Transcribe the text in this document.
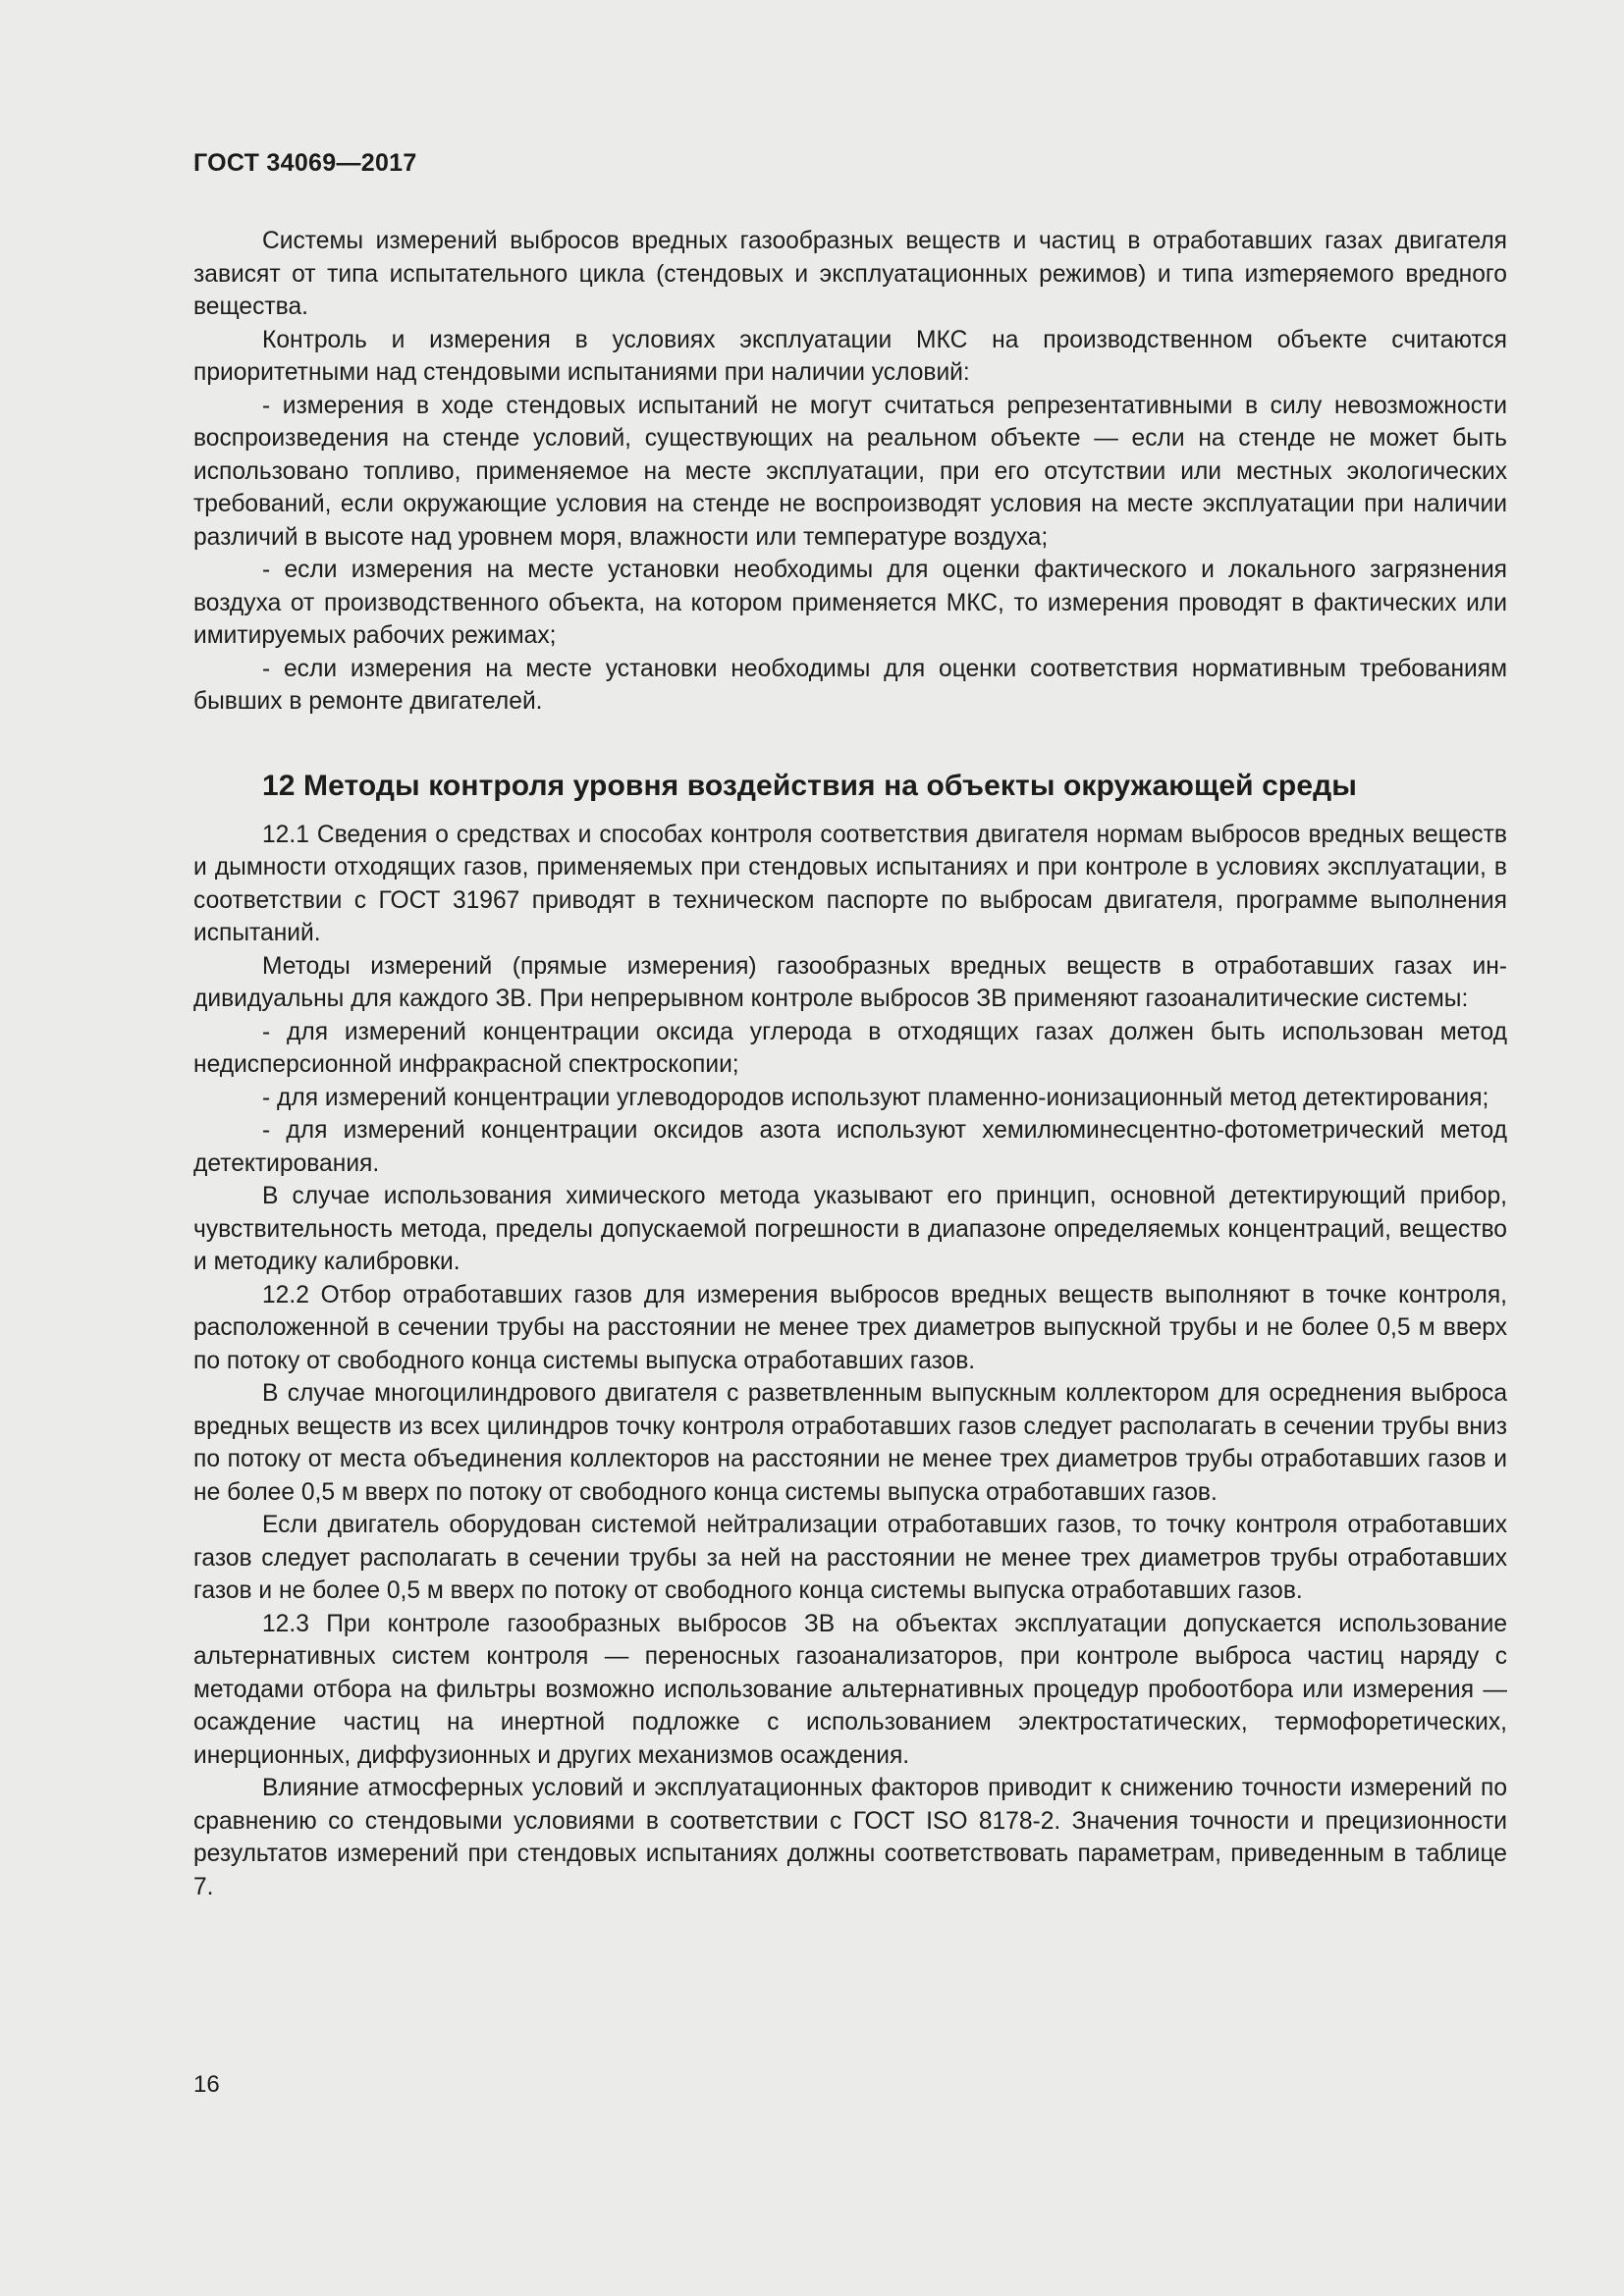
ГОСТ 34069—2017

Системы измерений выбросов вредных газообразных веществ и частиц в отработавших газах двигателя зависят от типа испытательного цикла (стендовых и эксплуатационных режимов) и типа изmеряемого вредного вещества.

Контроль и измерения в условиях эксплуатации МКС на производственном объекте считаются приоритетными над стендовыми испытаниями при наличии условий:

- измерения в ходе стендовых испытаний не могут считаться репрезентативными в силу невозможности воспроизведения на стенде условий, существующих на реальном объекте — если на стенде не может быть использовано топливо, применяемое на месте эксплуатации, при его отсутствии или местных экологических требований, если окружающие условия на стенде не воспроизводят условия на месте эксплуатации при наличии различий в высоте над уровнем моря, влажности или температуре воздуха;

- если измерения на месте установки необходимы для оценки фактического и локального загрязнения воздуха от производственного объекта, на котором применяется МКС, то измерения проводят в фактических или имитируемых рабочих режимах;

- если измерения на месте установки необходимы для оценки соответствия нормативным требованиям бывших в ремонте двигателей.

12 Методы контроля уровня воздействия на объекты окружающей среды

12.1 Сведения о средствах и способах контроля соответствия двигателя нормам выбросов вредных веществ и дымности отходящих газов, применяемых при стендовых испытаниях и при контроле в условиях эксплуатации, в соответствии с ГОСТ 31967 приводят в техническом паспорте по выбросам двигателя, программе выполнения испытаний.

Методы измерений (прямые измерения) газообразных вредных веществ в отработавших газах индивидуальны для каждого ЗВ. При непрерывном контроле выбросов ЗВ применяют газоаналитические системы:

- для измерений концентрации оксида углерода в отходящих газах должен быть использован метод недисперсионной инфракрасной спектроскопии;

- для измерений концентрации углеводородов используют пламенно-ионизационный метод детектирования;

- для измерений концентрации оксидов азота используют хемилюминесцентно-фотометрический метод детектирования.

В случае использования химического метода указывают его принцип, основной детектирующий прибор, чувствительность метода, пределы допускаемой погрешности в диапазоне определяемых концентраций, вещество и методику калибровки.

12.2 Отбор отработавших газов для измерения выбросов вредных веществ выполняют в точке контроля, расположенной в сечении трубы на расстоянии не менее трех диаметров выпускной трубы и не более 0,5 м вверх по потоку от свободного конца системы выпуска отработавших газов.

В случае многоцилиндрового двигателя с разветвленным выпускным коллектором для осреднения выброса вредных веществ из всех цилиндров точку контроля отработавших газов следует располагать в сечении трубы вниз по потоку от места объединения коллекторов на расстоянии не менее трех диаметров трубы отработавших газов и не более 0,5 м вверх по потоку от свободного конца системы выпуска отработавших газов.

Если двигатель оборудован системой нейтрализации отработавших газов, то точку контроля отработавших газов следует располагать в сечении трубы за ней на расстоянии не менее трех диаметров трубы отработавших газов и не более 0,5 м вверх по потоку от свободного конца системы выпуска отработавших газов.

12.3 При контроле газообразных выбросов ЗВ на объектах эксплуатации допускается использование альтернативных систем контроля — переносных газоанализаторов, при контроле выброса частиц наряду с методами отбора на фильтры возможно использование альтернативных процедур пробоотбора или измерения — осаждение частиц на инертной подложке с использованием электростатических, термофоретических, инерционных, диффузионных и других механизмов осаждения.

Влияние атмосферных условий и эксплуатационных факторов приводит к снижению точности измерений по сравнению со стендовыми условиями в соответствии с ГОСТ ISO 8178-2. Значения точности и прецизионности результатов измерений при стендовых испытаниях должны соответствовать параметрам, приведенным в таблице 7.

16
